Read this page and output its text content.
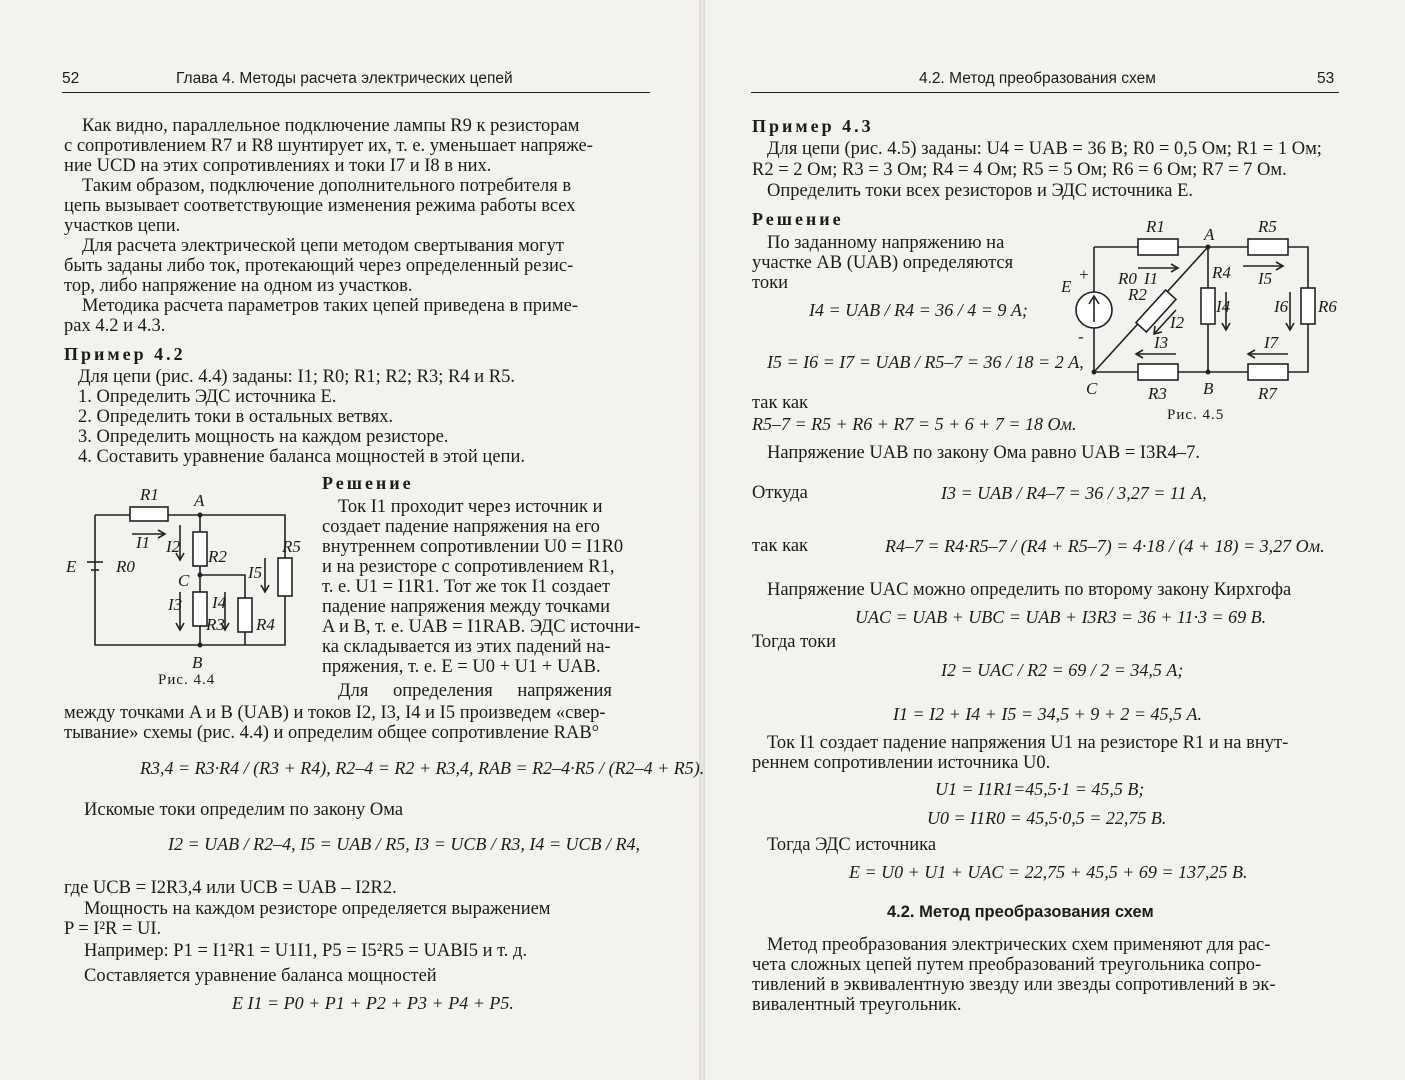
52	Глава 4. Методы расчета электрических цепей
Как видно, параллельное подключение лампы R9 к резисторам
с сопротивлением R7 и R8 шунтирует их, т. е. уменьшает напряже-
ние UCD на этих сопротивлениях и токи I7 и I8 в них.
Таким образом, подключение дополнительного потребителя в
цепь вызывает соответствующие изменения режима работы всех
участков цепи.
Для расчета электрической цепи методом свертывания могут
быть заданы либо ток, протекающий через определенный резис-
тор, либо напряжение на одном из участков.
Методика расчета параметров таких цепей приведена в приме-
рах 4.2 и 4.3.
Пример 4.2
Для цепи (рис. 4.4) заданы: I1; R0; R1; R2; R3; R4 и R5.
1. Определить ЭДС источника E.
2. Определить токи в остальных ветвях.
3. Определить мощность на каждом резисторе.
4. Составить уравнение баланса мощностей в этой цепи.
R1 A
I1 I2
R2
R5
E R0
C	I5
I3 I4
R3 R4
B
Рис. 4.4
Решение
Ток I1 проходит через источник и
создает падение напряжения на его
внутреннем сопротивлении U0 = I1R0
и на резисторе с сопротивлением R1,
т. е. U1 = I1R1. Тот же ток I1 создает
падение напряжения между точками
A и B, т. е. UAB = I1RAB. ЭДС источни-
ка складывается из этих падений на-
пряжения, т. е. E = U0 + U1 + UAB.
Для определения напряжения
между точками A и B (UAB) и токов I2, I3, I4 и I5 произведем «свер-
тывание» схемы (рис. 4.4) и определим общее сопротивление RAB°
R3,4 = R3·R4 / (R3 + R4), R2–4 = R2 + R3,4, RAB = R2–4·R5 / (R2–4 + R5).
Искомые токи определим по закону Ома
I2 = UAB / R2–4, I5 = UAB / R5, I3 = UCB / R3, I4 = UCB / R4,
где UCB = I2R3,4 или UCB = UAB – I2R2.
Мощность на каждом резисторе определяется выражением
P = I²R = UI.
Например: P1 = I1²R1 = U1I1, P5 = I5²R5 = UABI5 и т. д.
Составляется уравнение баланса мощностей
E I1 = P0 + P1 + P2 + P3 + P4 + P5.
4.2. Метод преобразования схем	53
Пример 4.3
Для цепи (рис. 4.5) заданы: U4 = UAB = 36 В; R0 = 0,5 Ом; R1 = 1 Ом;
R2 = 2 Ом; R3 = 3 Ом; R4 = 4 Ом; R5 = 5 Ом; R6 = 6 Ом; R7 = 7 Ом.
Определить токи всех резисторов и ЭДС источника E.
Решение
По заданному напряжению на
участке AB (UAB) определяются
токи
I4 = UAB / R4 = 36 / 4 = 9 А;
I5 = I6 = I7 = UAB / R5–7 = 36 / 18 = 2 А,
так как
R5–7 = R5 + R6 + R7 = 5 + 6 + 7 = 18 Ом.
R1 A	R5
E
+
-
R0 I1
R2
R4 I5
I4	I6 R6
I2
I3	I7
C	R3 B	R7
Рис. 4.5
Напряжение UAB по закону Ома равно UAB = I3R4–7.
Откуда	I3 = UAB / R4–7 = 36 / 3,27 = 11 А,
так как	R4–7 = R4·R5–7 / (R4 + R5–7) = 4·18 / (4 + 18) = 3,27 Ом.
Напряжение UAC можно определить по второму закону Кирхгофа
UAC = UAB + UBC = UAB + I3R3 = 36 + 11·3 = 69 В.
Тогда токи
I2 = UAC / R2 = 69 / 2 = 34,5 А;
I1 = I2 + I4 + I5 = 34,5 + 9 + 2 = 45,5 А.
Ток I1 создает падение напряжения U1 на резисторе R1 и на внут-
реннем сопротивлении источника U0.
U1 = I1R1=45,5·1 = 45,5 В;
U0 = I1R0 = 45,5·0,5 = 22,75 В.
Тогда ЭДС источника
E = U0 + U1 + UAC = 22,75 + 45,5 + 69 = 137,25 В.
4.2. Метод преобразования схем
Метод преобразования электрических схем применяют для рас-
чета сложных цепей путем преобразований треугольника сопро-
тивлений в эквивалентную звезду или звезды сопротивлений в эк-
вивалентный треугольник.
